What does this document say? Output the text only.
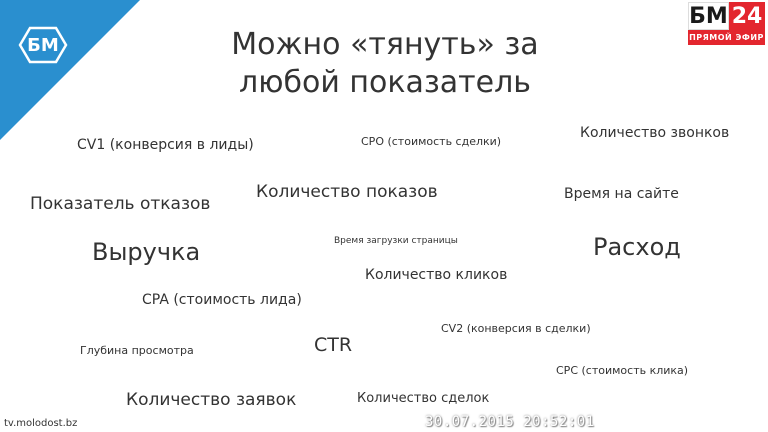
БМ	Можно «тянуть» за
любой показатель
БМ 24
ПРЯМОЙ ЭФИР
CV1 (конверсия в лиды)	CPO (стоимость сделки)
Количество звонков
Количество показов
Показатель отказов	Время на сайте
Выручка	Время загрузки страницы	Расход
Количество кликов
CPA (стоимость лида)
CV2 (конверсия в сделки)
Глубина просмотра	CTR
CPC (стоимость клика)
Количество заявок	Количество сделок
tv.molodost.bz	30.07.2015 20:52:01
